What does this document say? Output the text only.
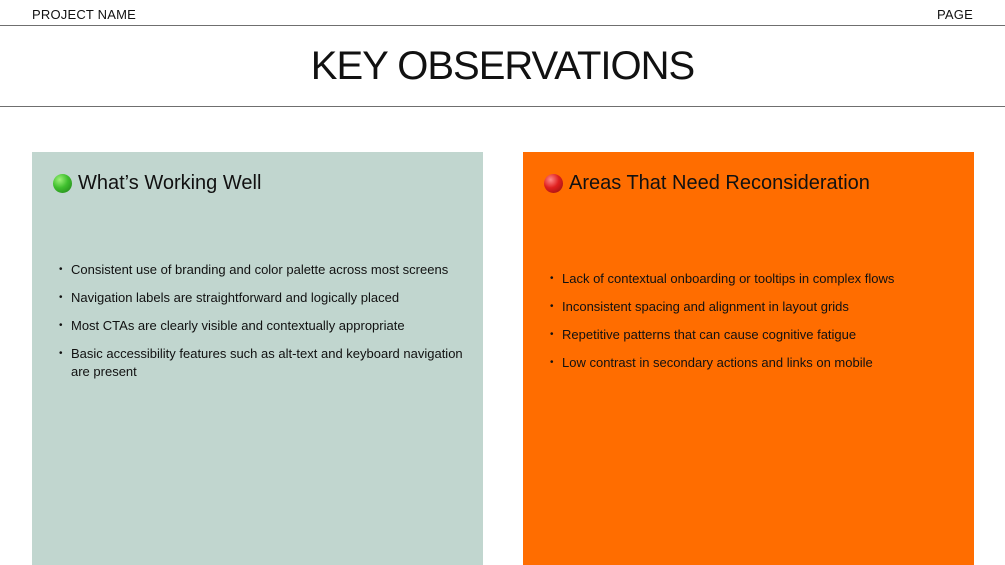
PROJECT NAME	PAGE
KEY OBSERVATIONS
What’s Working Well
• Consistent use of branding and color palette across most screens
• Navigation labels are straightforward and logically placed
• Most CTAs are clearly visible and contextually appropriate
• Basic accessibility features such as alt-text and keyboard navigation are present
Areas That Need Reconsideration
• Lack of contextual onboarding or tooltips in complex flows
• Inconsistent spacing and alignment in layout grids
• Repetitive patterns that can cause cognitive fatigue
• Low contrast in secondary actions and links on mobile
